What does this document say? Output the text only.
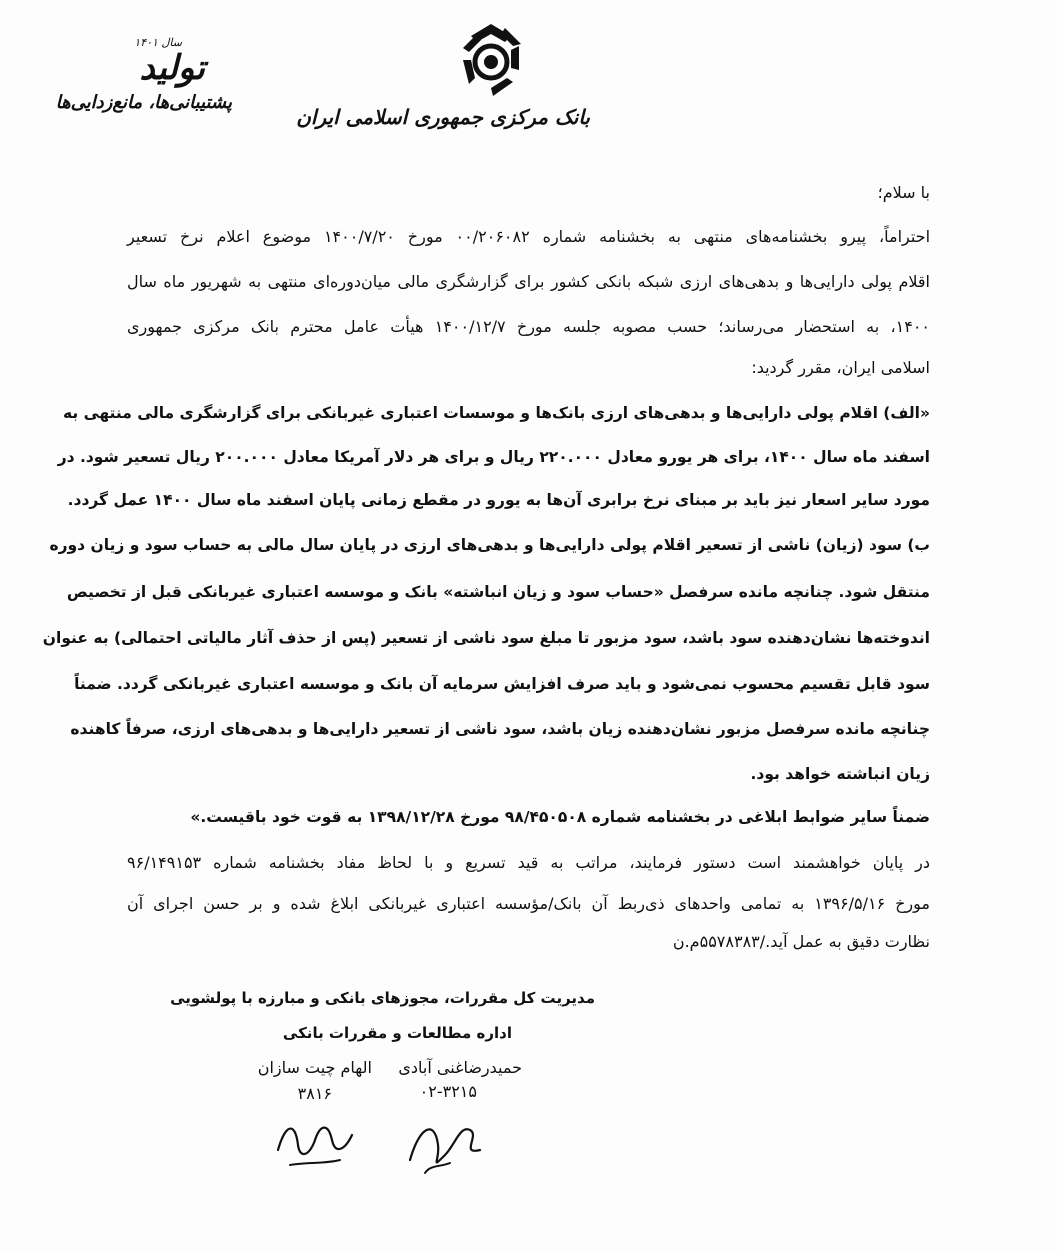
بانک مرکزی جمهوری اسلامی ایران
سال ۱۴۰۱
تولید
پشتیبانی‌ها، مانع‌زدایی‌ها
با سلام؛
احتراماً، پیرو بخشنامه‌های منتهی به بخشنامه شماره ۰۰/۲۰۶۰۸۲ مورخ ۱۴۰۰/۷/۲۰ موضوع اعلام نرخ تسعیر
اقلام پولی دارایی‌ها و بدهی‌های ارزی شبکه بانکی کشور برای گزارشگری مالی میان‌دوره‌ای منتهی به شهریور ماه سال
۱۴۰۰، به استحضار می‌رساند؛ حسب مصوبه جلسه مورخ ۱۴۰۰/۱۲/۷ هیأت عامل محترم بانک مرکزی جمهوری
اسلامی ایران، مقرر گردید:
«الف) اقلام پولی دارایی‌ها و بدهی‌های ارزی بانک‌ها و موسسات اعتباری غیربانکی برای گزارشگری مالی منتهی به
اسفند ماه سال ۱۴۰۰، برای هر یورو معادل ۲۲۰.۰۰۰ ریال و برای هر دلار آمریکا معادل ۲۰۰.۰۰۰ ریال تسعیر شود. در
مورد سایر اسعار نیز باید بر مبنای نرخ برابری آن‌ها به یورو در مقطع زمانی پایان اسفند ماه سال ۱۴۰۰ عمل گردد.
ب) سود (زیان) ناشی از تسعیر اقلام پولی دارایی‌ها و بدهی‌های ارزی در پایان سال مالی به حساب سود و زیان دوره
منتقل شود. چنانچه مانده سرفصل «حساب سود و زیان انباشته» بانک و موسسه اعتباری غیربانکی قبل از تخصیص
اندوخته‌ها نشان‌دهنده سود باشد، سود مزبور تا مبلغ سود ناشی از تسعیر (پس از حذف آثار مالیاتی احتمالی) به عنوان
سود قابل تقسیم محسوب نمی‌شود و باید صرف افزایش سرمایه آن بانک و موسسه اعتباری غیربانکی گردد. ضمناً
چنانچه مانده سرفصل مزبور نشان‌دهنده زیان باشد، سود ناشی از تسعیر دارایی‌ها و بدهی‌های ارزی، صرفاً کاهنده
زیان انباشته خواهد بود.
ضمناً سایر ضوابط ابلاغی در بخشنامه شماره ۹۸/۴۵۰۵۰۸ مورخ ۱۳۹۸/۱۲/۲۸ به قوت خود باقیست.»
در پایان خواهشمند است دستور فرمایند، مراتب به قید تسریع و با لحاظ مفاد بخشنامه شماره ۹۶/۱۴۹۱۵۳
مورخ ۱۳۹۶/۵/۱۶ به تمامی واحدهای ذی‌ربط آن بانک/مؤسسه اعتباری غیربانکی ابلاغ شده و بر حسن اجرای آن
نظارت دقیق به عمل آید./۵۵۷۸۳۸۳م.ن
مدیریت کل مقررات، مجوزهای بانکی و مبارزه با پولشویی
اداره مطالعات و مقررات بانکی
حمیدرضاغنی آبادی
الهام چیت سازان
۰۲-۳۲۱۵
۳۸۱۶
